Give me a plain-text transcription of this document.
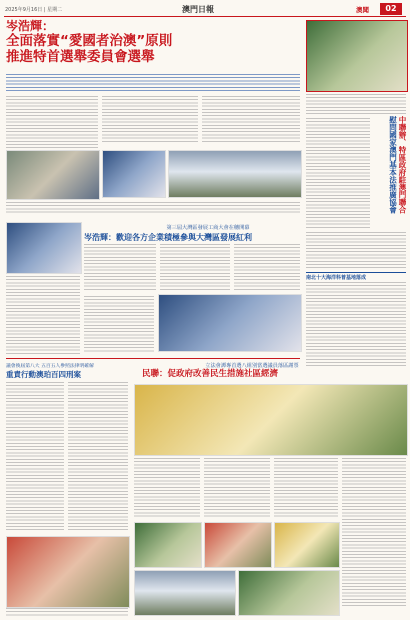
2025年9月16日 | 星期二	澳門日報	澳聞	02
岑浩輝：
全面落實“愛國者治澳”原則
推進特首選舉委員會選舉
中聯辦、特區政府駐澳門聯合
慰問國家澳門基本法推廣協會
南北十大海洋科普基地落成
第三屆大灣區發展工商大會在穗開幕
岑浩輝：歡迎各方企業積極參與大灣區發展紅利
議會換屆第八大 五百五人參照法律明確解
重責行動澳珀百四刑案
立法會譚專首選八組別當選議員落區謝票
民聯：促政府改善民生措施社區經濟
